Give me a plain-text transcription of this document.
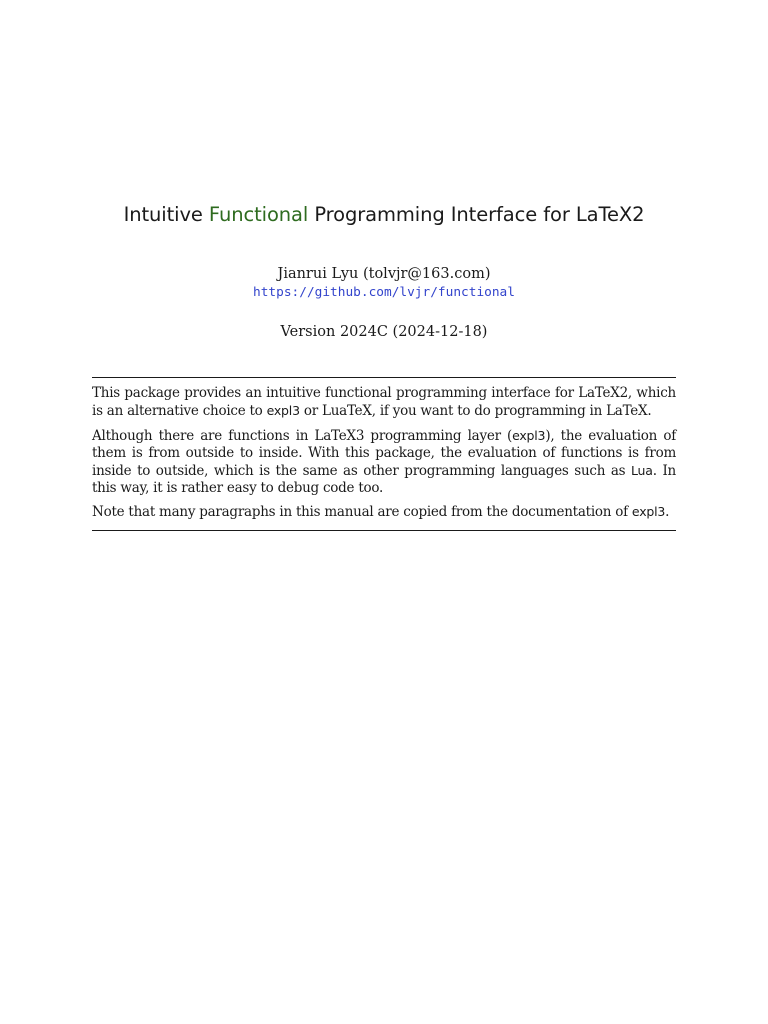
Intuitive Functional Programming Interface for LaTeX2
Jianrui Lyu (tolvjr@163.com)
https://github.com/lvjr/functional
Version 2024C (2024-12-18)

This package provides an intuitive functional programming interface for LaTeX2, which is an alternative choice to expl3 or LuaTeX, if you want to do programming in LaTeX.

Although there are functions in LaTeX3 programming layer (expl3), the evaluation of them is from outside to inside. With this package, the evaluation of functions is from inside to outside, which is the same as other programming languages such as Lua. In this way, it is rather easy to debug code too.

Note that many paragraphs in this manual are copied from the documentation of expl3.
